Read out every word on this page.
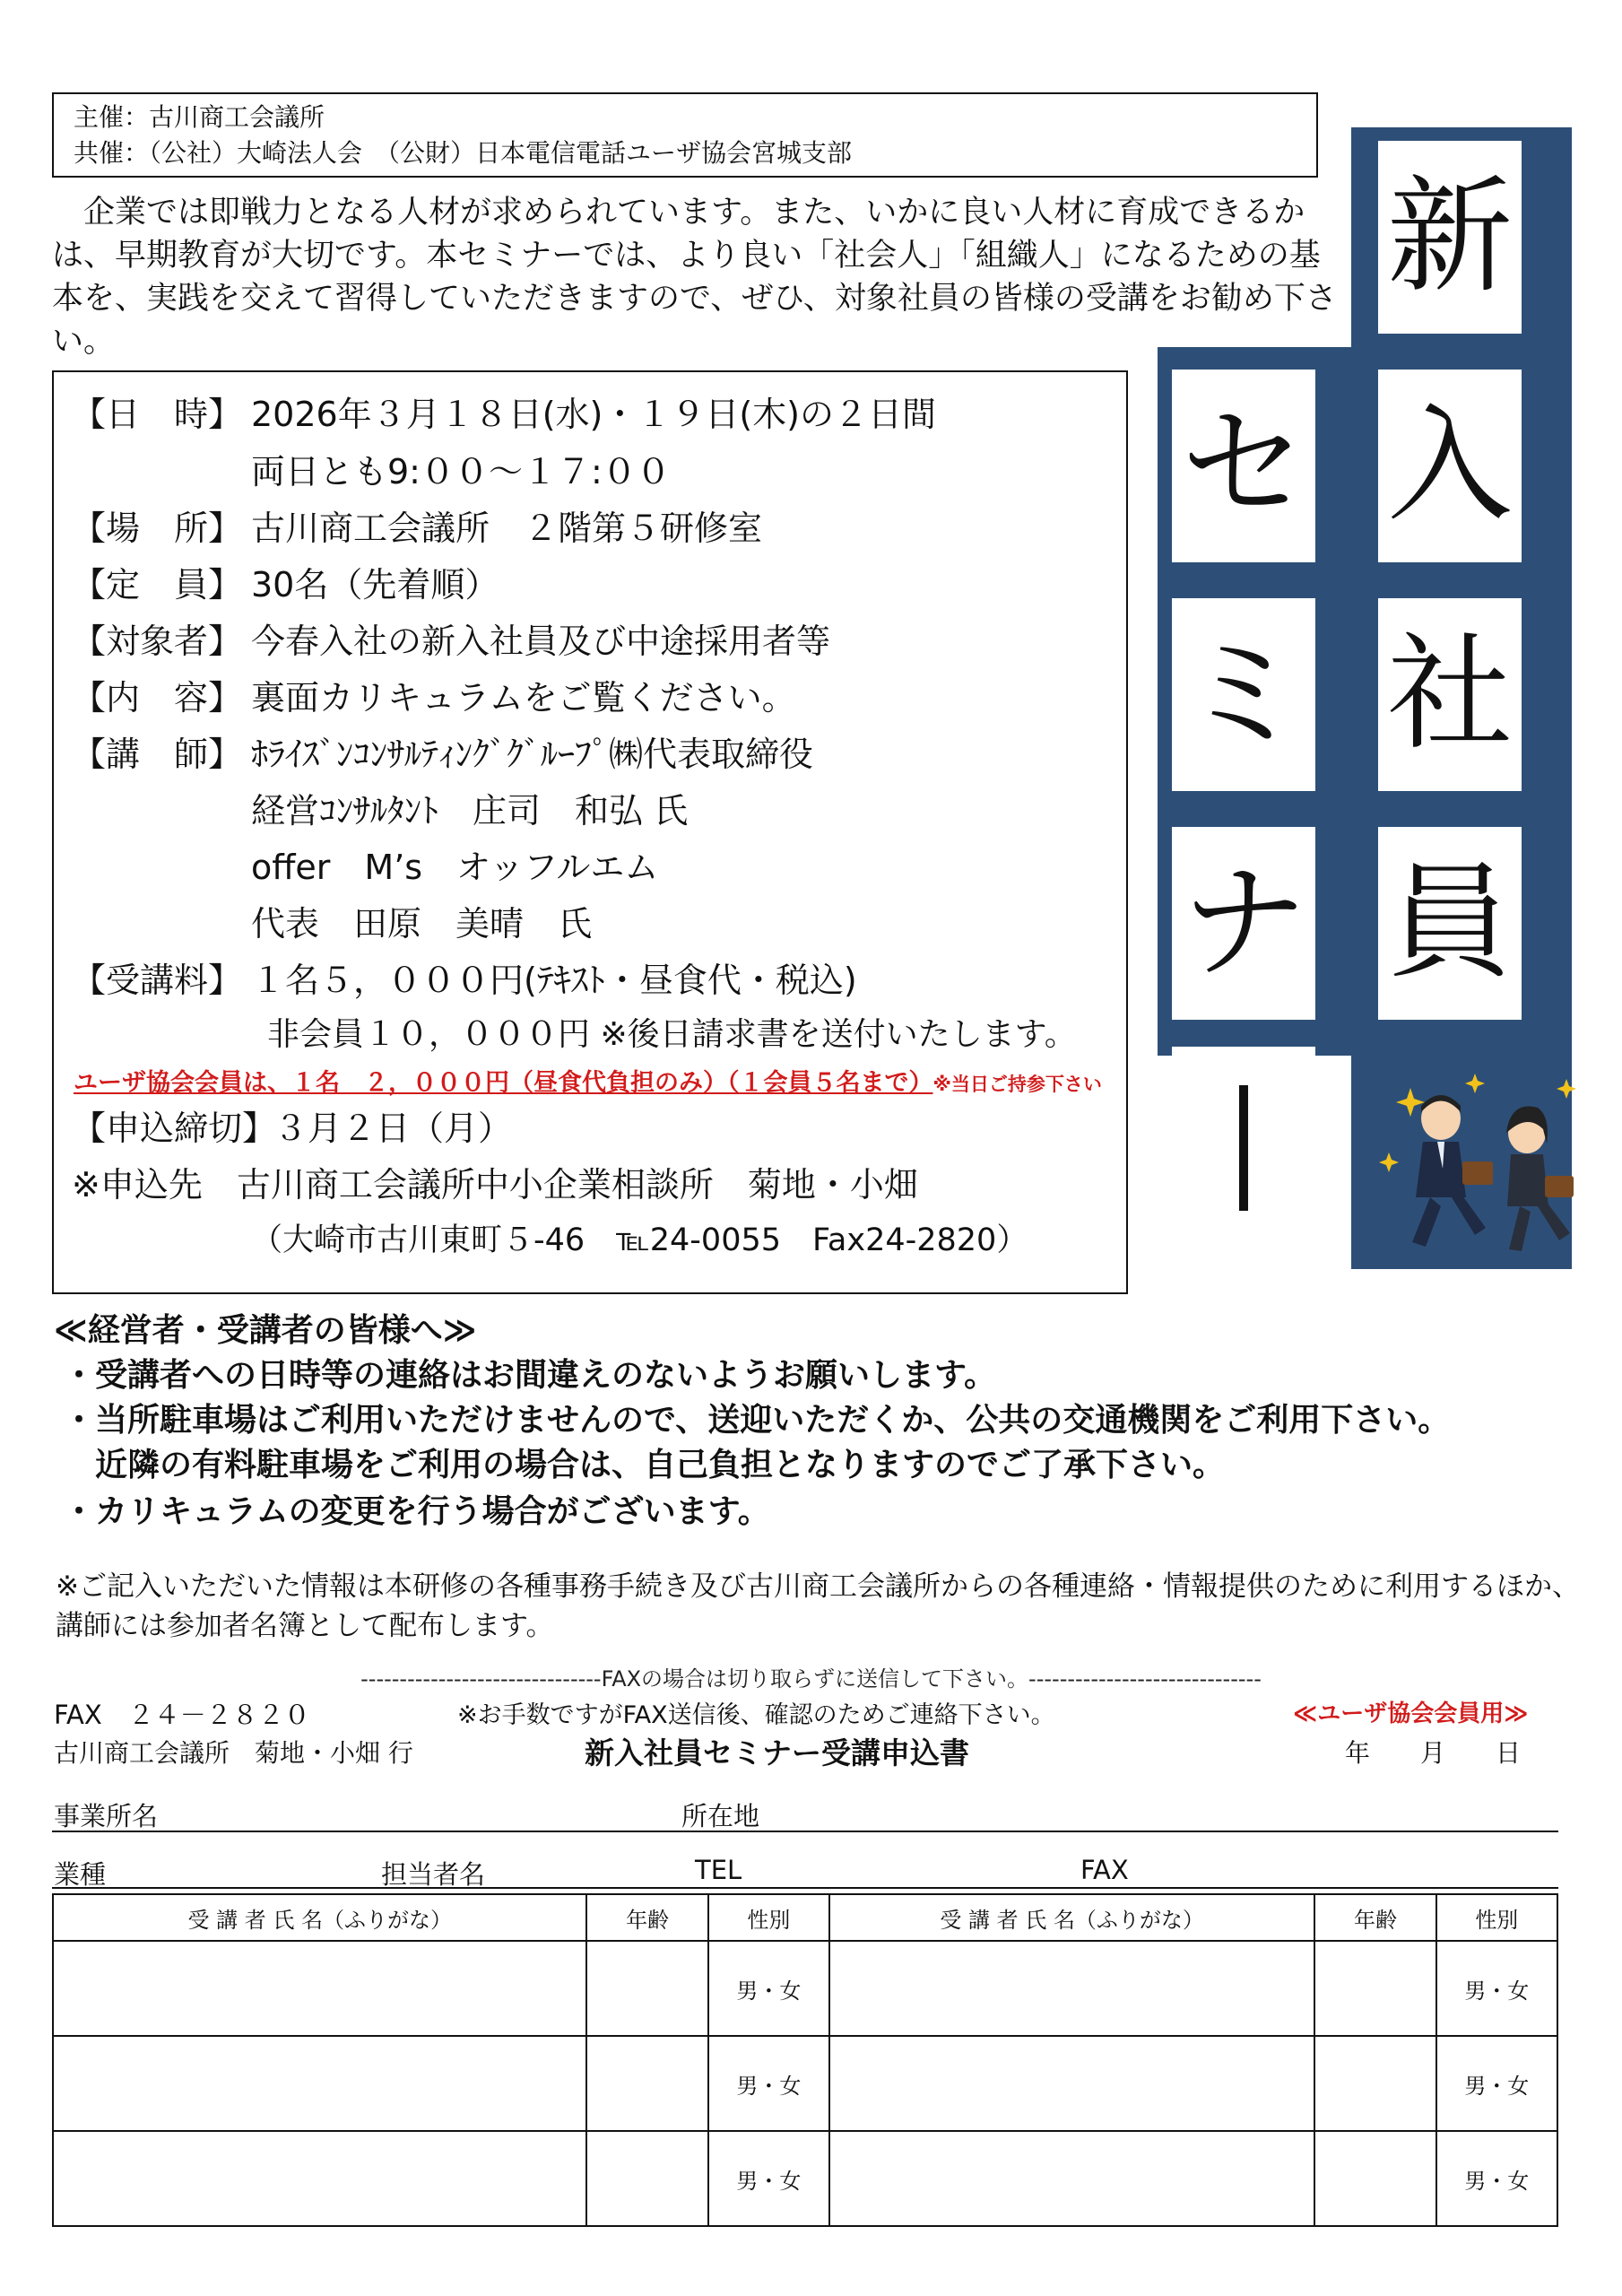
主催：古川商工会議所
共催：（公社）大崎法人会　（公財）日本電信電話ユーザ協会宮城支部
企業では即戦力となる人材が求められています。また、いかに良い人材に育成できるかは、早期教育が大切です。本セミナーでは、より良い「社会人」「組織人」になるための基本を、実践を交えて習得していただきますので、ぜひ、対象社員の皆様の受講をお勧め下さい。
【日　時】 2026年３月１８日(水)・１９日(木)の２日間
両日とも9:００〜１７:００
【場　所】 古川商工会議所　２階第５研修室
【定　員】 30名（先着順）
【対象者】 今春入社の新入社員及び中途採用者等
【内　容】 裏面カリキュラムをご覧ください。
【講　師】 ﾎﾗｲｽﾞﾝｺﾝｻﾙﾃｨﾝｸﾞｸﾞﾙｰﾌﾟ㈱代表取締役
経営ｺﾝｻﾙﾀﾝﾄ　庄司　和弘 氏
offer　M’s　オッフルエム
代表　田原　美晴　氏
【受講料】 １名５，０００円(ﾃｷｽﾄ・昼食代・税込)
非会員１０，０００円 ※後日請求書を送付いたします。
ユーザ協会会員は、１名　２，０００円（昼食代負担のみ）（１会員５名まで）※当日ご持参下さい
【申込締切】３月２日（月）
※申込先　古川商工会議所中小企業相談所　菊地・小畑
（大崎市古川東町５-46　℡24-0055　Fax24-2820）
新
入
社
員
セ
ミ
ナ
≪経営者・受講者の皆様へ≫
・受講者への日時等の連絡はお間違えのないようお願いします。
・当所駐車場はご利用いただけませんので、送迎いただくか、公共の交通機関をご利用下さい。
　近隣の有料駐車場をご利用の場合は、自己負担となりますのでご了承下さい。
・カリキュラムの変更を行う場合がございます。
※ご記入いただいた情報は本研修の各種事務手続き及び古川商工会議所からの各種連絡・情報提供のために利用するほか、講師には参加者名簿として配布します。
-------------------------------FAXの場合は切り取らずに送信して下さい。------------------------------
FAX　２４－２８２０	※お手数ですがFAX送信後、確認のためご連絡下さい。	≪ユーザ協会会員用≫
古川商工会議所　菊地・小畑 行	新入社員セミナー受講申込書	年　　月　　日
事業所名	所在地
業種	担当者名	TEL	FAX
受 講 者 氏 名（ふりがな）	年齢	性別	受 講 者 氏 名（ふりがな）	年齢	性別
		男・女			男・女
		男・女			男・女
		男・女			男・女
